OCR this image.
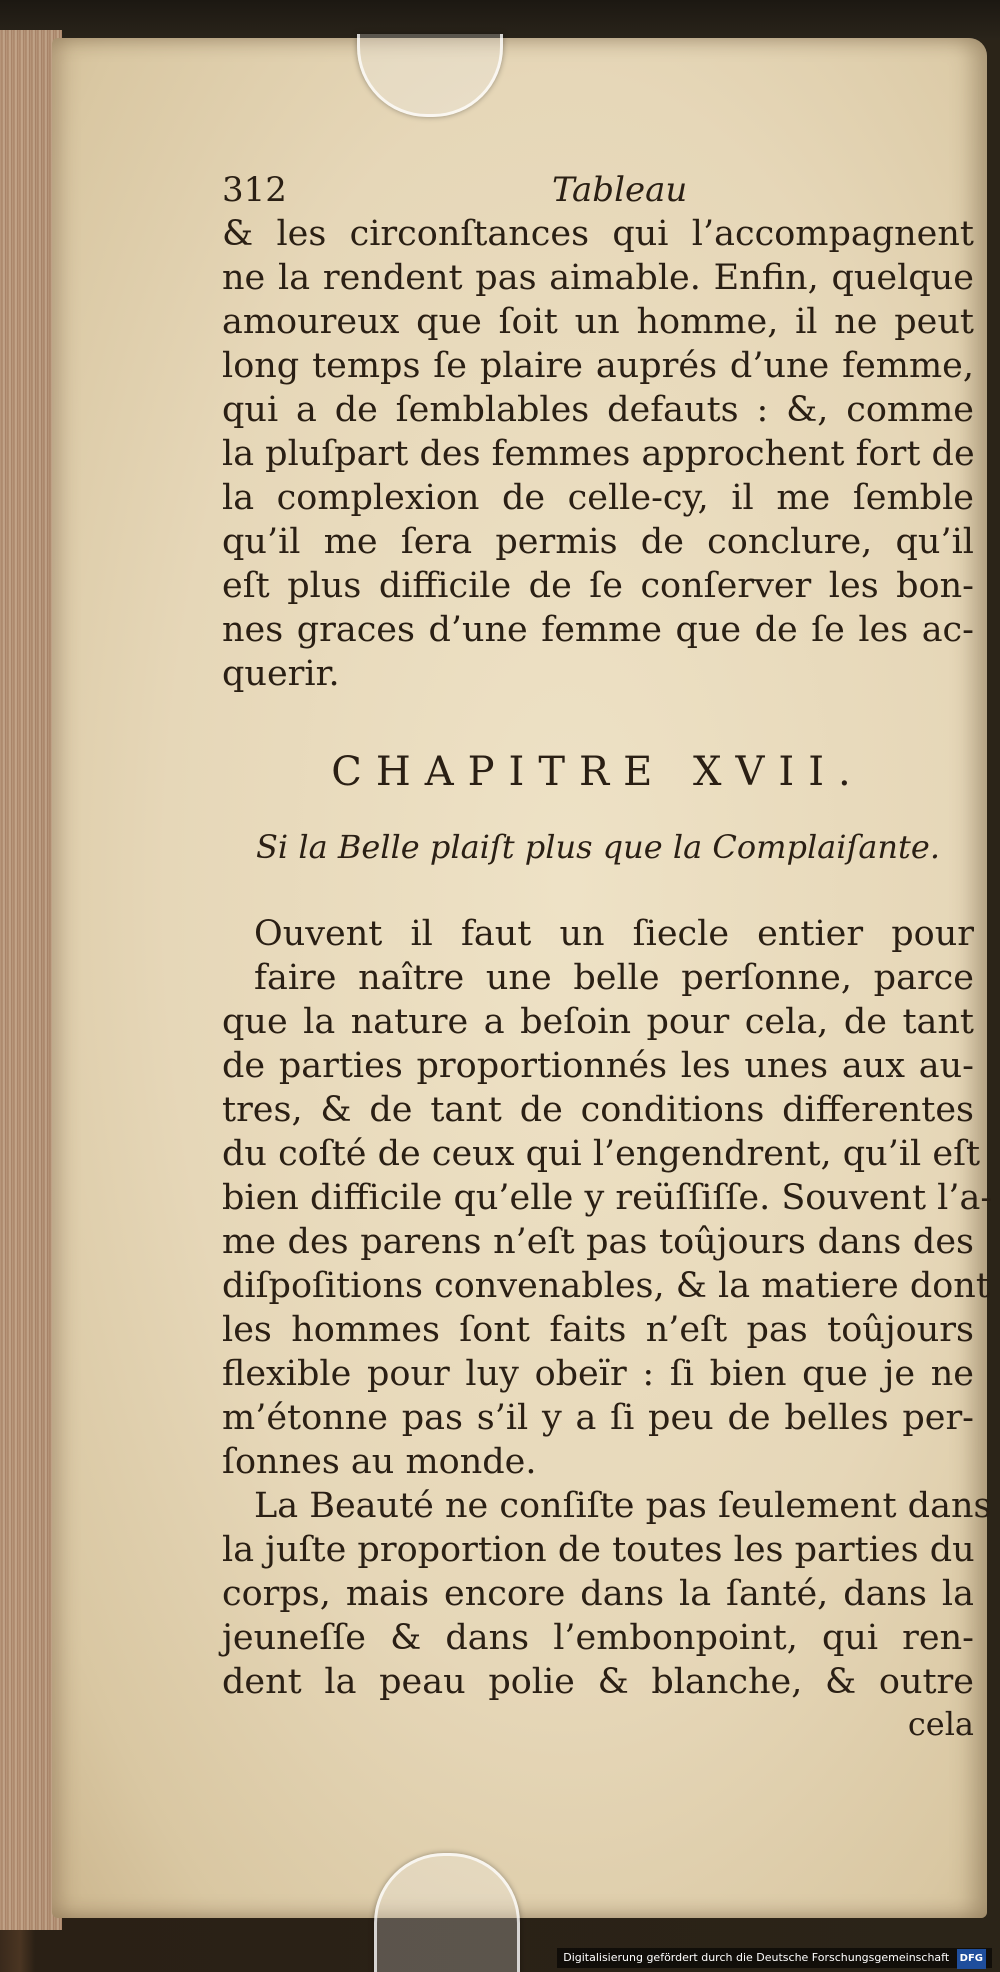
312	Tableau
& les circonſtances qui l’accompagnent
ne la rendent pas aimable. Enfin, quelque
amoureux que ſoit un homme, il ne peut
long temps ſe plaire auprés d’une femme,
qui a de ſemblables defauts : &, comme
la pluſpart des femmes approchent fort de
la complexion de celle-cy, il me ſemble
qu’il me ſera permis de conclure, qu’il
eſt plus difficile de ſe conſerver les bon-
nes graces d’une femme que de ſe les ac-
querir.
CHAPITRE XVII.
Si la Belle plaiſt plus que la Complaiſante.
Ouvent il faut un ſiecle entier pour
faire naître une belle perſonne, parce
que la nature a beſoin pour cela, de tant
de parties proportionnés les unes aux au-
tres, & de tant de conditions differentes
du coſté de ceux qui l’engendrent, qu’il eſt
bien difficile qu’elle y reüſſiſſe. Souvent l’a-
me des parens n’eſt pas toûjours dans des
diſpoſitions convenables, & la matiere dont
les hommes ſont faits n’eſt pas toûjours
flexible pour luy obeïr : ſi bien que je ne
m’étonne pas s’il y a ſi peu de belles per-
ſonnes au monde.
La Beauté ne conſiſte pas ſeulement dans
la juſte proportion de toutes les parties du
corps, mais encore dans la ſanté, dans la
jeuneſſe & dans l’embonpoint, qui ren-
dent la peau polie & blanche, & outre
cela
Digitalisierung gefördert durch die Deutsche Forschungsgemeinschaft DFG
